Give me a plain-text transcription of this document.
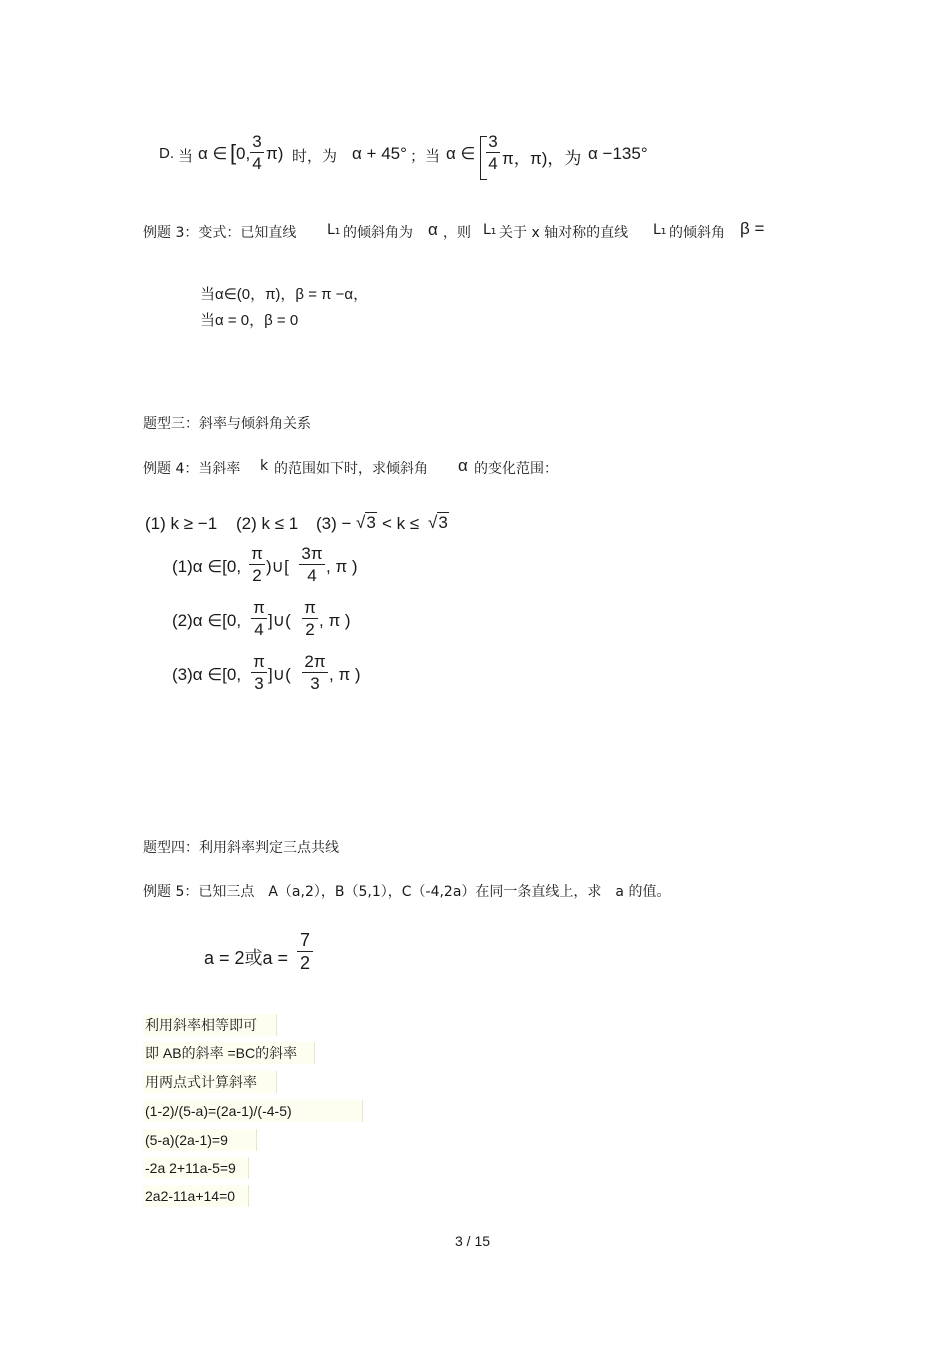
D. 当 α ∈ [ 0,
3
4
π) 时，为 α + 45° ；当 α ∈
3
4 π， π)，为 α −135°
例题 3：变式：已知直线 L₁ 的倾斜角为 α ，则 L₁ 关于 x 轴对称的直线 L₁ 的倾斜角 β =
当α∈(0，π)，β = π −α，
当α = 0，β = 0
题型三：斜率与倾斜角关系
例题 4：当斜率 k 的范围如下时，求倾斜角 α 的变化范围：
(1) k ≥ −1 (2) k ≤ 1 (3) − √3 < k ≤ √3
(1)α ∈[0,
π
2 )∪[
3π
4 , π )
(2)α ∈[0,
π
4 ]∪(
π
2 , π )
(3)α ∈[0,
π
3 ]∪(
2π
3 , π )
题型四：利用斜率判定三点共线
例题 5：已知三点　A（a,2），B（5,1），C（-4,2a）在同一条直线上，求　a 的值。
a = 2或a =
7
2
利用斜率相等即可
即 AB的斜率 =BC的斜率
用两点式计算斜率
(1-2)/(5-a)=(2a-1)/(-4-5)
(5-a)(2a-1)=9
-2a 2+11a-5=9
2a2-11a+14=0
3 / 15
